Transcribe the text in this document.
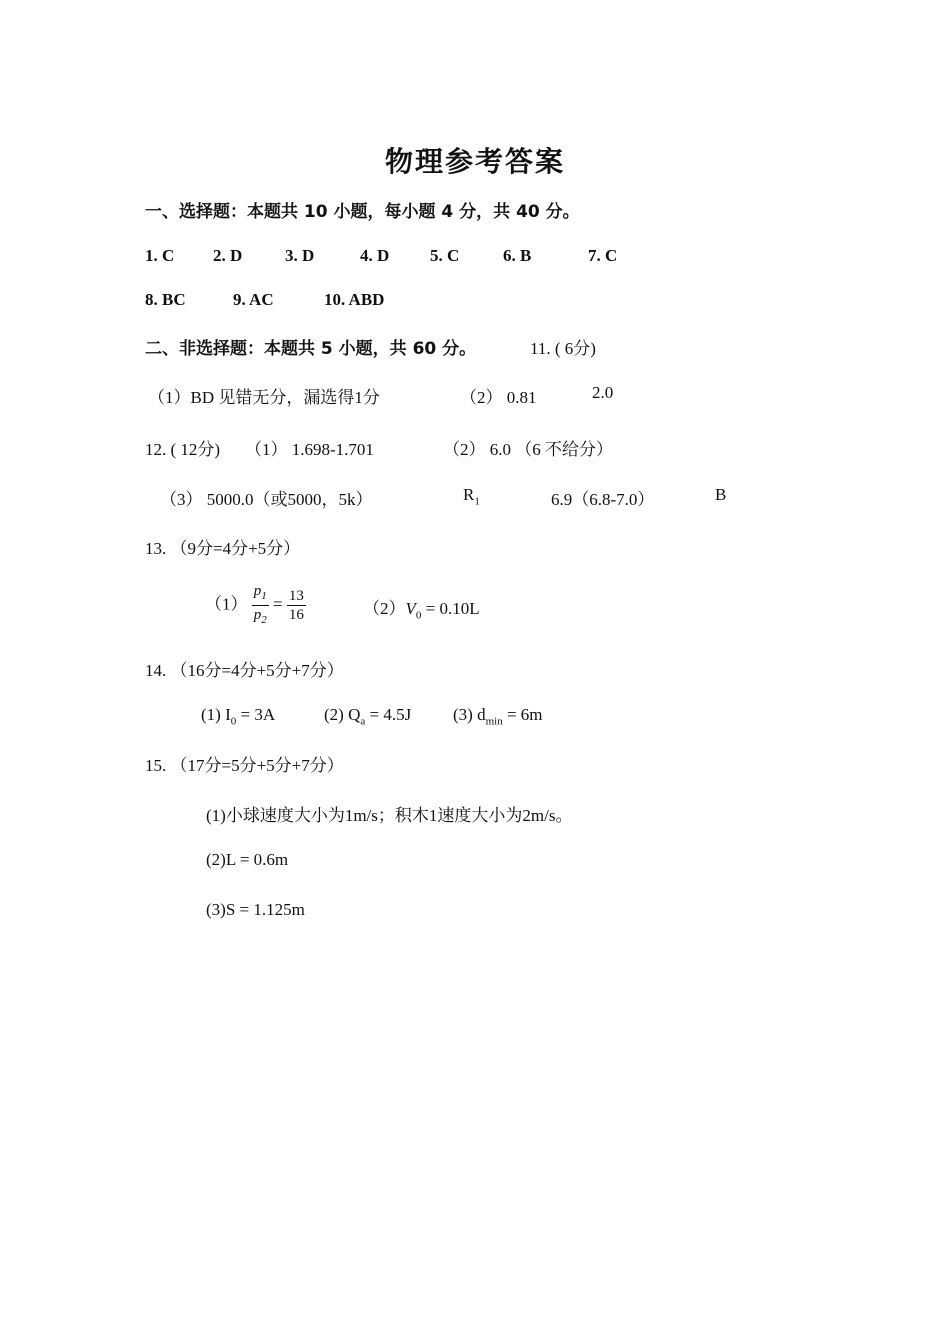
物理参考答案
一、选择题：本题共 10 小题，每小题 4 分，共 40 分。
1. C 2. D	3. D	4. D 5. C	6. B	7. C
8. BC	9. AC	10. ABD
二、非选择题：本题共 5 小题，共 60 分。	11. ( 6分)
（1）BD 见错无分，漏选得1分	（2） 0.81	2.0
12. ( 12分) （1） 1.698-1.701	（2） 6.0 （6 不给分）
（3） 5000.0（或5000，5k）	$R_1$	6.9（6.8-7.0）	B
13. （9分=4分+5分）
$(1) \frac{p_1}{p_2} = \frac{13}{16}$	$(2)V_0 = 0.10L$
14. （16分=4分+5分+7分）
(1) $I_0 = 3A$	(2) $Q_a = 4.5J$ (3) $d_{min} = 6m$
15. （17分=5分+5分+7分）
(1)小球速度大小为1m/s；积木1速度大小为2m/s。
(2)L = 0.6m
(3)S = 1.125m
